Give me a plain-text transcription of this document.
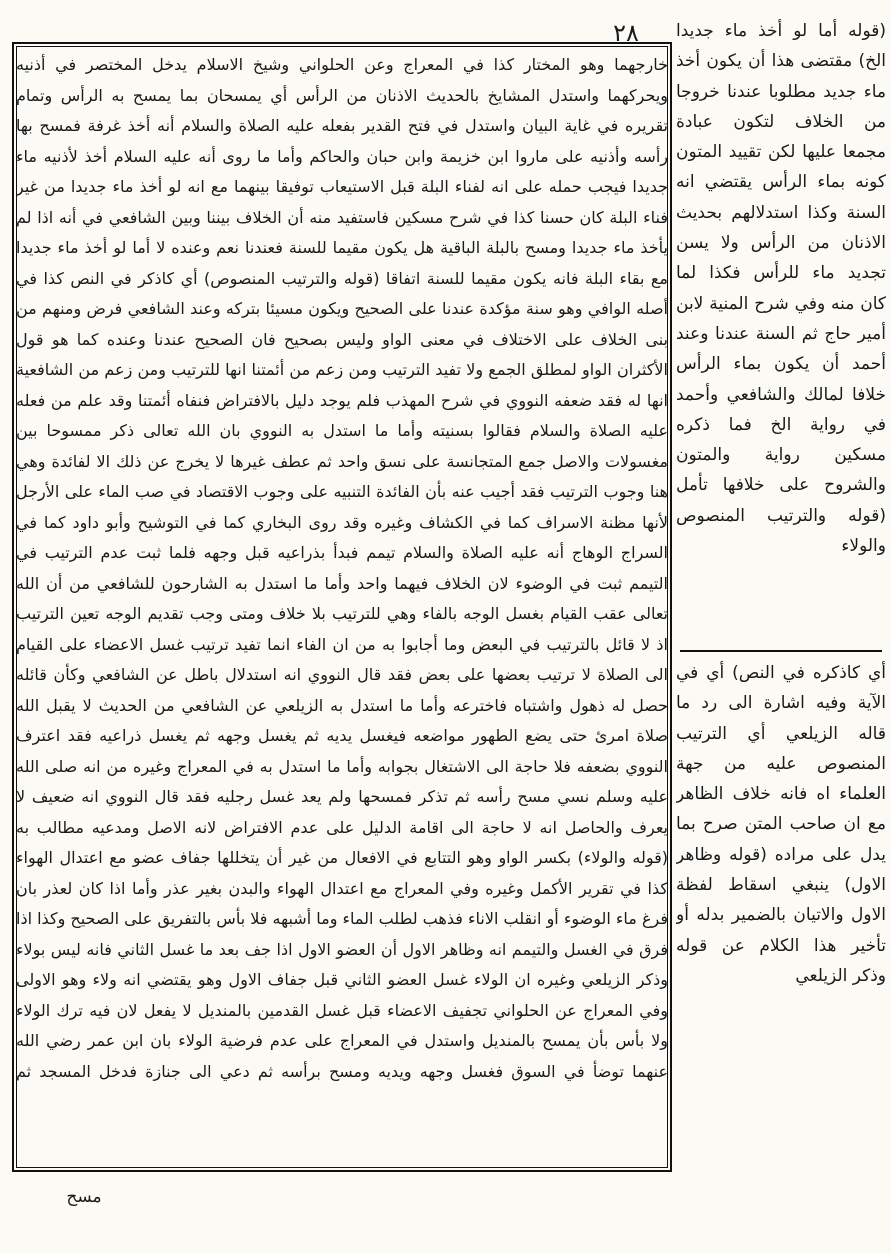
٢٨

خارجهما وهو المختار كذا في المعراج وعن الحلواني وشيخ الاسلام يدخل المختصر في أذنيه ويحركهما واستدل المشايخ بالحديث الاذنان من الرأس أي يمسحان بما يمسح به الرأس وتمام تقريره في غاية البيان واستدل في فتح القدير بفعله عليه الصلاة والسلام أنه أخذ غرفة فمسح بها رأسه وأذنيه على ماروا ابن خزيمة وابن حبان والحاكم وأما ما روى أنه عليه السلام أخذ لأذنيه ماء جديدا فيجب حمله على انه لفناء البلة قبل الاستيعاب توفيقا بينهما مع انه لو أخذ ماء جديدا من غير فناء البلة كان حسنا كذا في شرح مسكين فاستفيد منه أن الخلاف بيننا وبين الشافعي في أنه اذا لم يأخذ ماء جديدا ومسح بالبلة الباقية هل يكون مقيما للسنة فعندنا نعم وعنده لا أما لو أخذ ماء جديدا مع بقاء البلة فانه يكون مقيما للسنة اتفاقا (قوله والترتيب المنصوص) أي كاذكر في النص كذا في أصله الوافي وهو سنة مؤكدة عندنا على الصحيح ويكون مسيئا بتركه وعند الشافعي فرض ومنهم من بنى الخلاف على الاختلاف في معنى الواو وليس بصحيح فان الصحيح عندنا وعنده كما هو قول الأكثران الواو لمطلق الجمع ولا تفيد الترتيب ومن زعم من أئمتنا انها للترتيب ومن زعم من الشافعية انها له فقد ضعفه النووي في شرح المهذب فلم يوجد دليل بالافتراض فنفاه أئمتنا وقد علم من فعله عليه الصلاة والسلام فقالوا بسنيته وأما ما استدل به النووي بان الله تعالى ذكر ممسوحا بين مغسولات والاصل جمع المتجانسة على نسق واحد ثم عطف غيرها لا يخرج عن ذلك الا لفائدة وهي هنا وجوب الترتيب فقد أجيب عنه بأن الفائدة التنبيه على وجوب الاقتصاد في صب الماء على الأرجل لأنها مظنة الاسراف كما في الكشاف وغيره وقد روى البخاري كما في التوشيح وأبو داود كما في السراج الوهاج أنه عليه الصلاة والسلام تيمم فبدأ بذراعيه قبل وجهه فلما ثبت عدم الترتيب في التيمم ثبت في الوضوء لان الخلاف فيهما واحد وأما ما استدل به الشارحون للشافعي من أن الله تعالى عقب القيام بغسل الوجه بالفاء وهي للترتيب بلا خلاف ومتى وجب تقديم الوجه تعين الترتيب اذ لا قائل بالترتيب في البعض وما أجابوا به من ان الفاء انما تفيد ترتيب غسل الاعضاء على القيام الى الصلاة لا ترتيب بعضها على بعض فقد قال النووي انه استدلال باطل عن الشافعي وكأن قائله حصل له ذهول واشتباه فاخترعه وأما ما استدل به الزيلعي عن الشافعي من الحديث لا يقبل الله صلاة امرئ حتى يضع الطهور مواضعه فيغسل يديه ثم يغسل وجهه ثم يغسل ذراعيه فقد اعترف النووي بضعفه فلا حاجة الى الاشتغال بجوابه وأما ما استدل به في المعراج وغيره من انه صلى الله عليه وسلم نسي مسح رأسه ثم تذكر فمسحها ولم يعد غسل رجليه فقد قال النووي انه ضعيف لا يعرف والحاصل انه لا حاجة الى اقامة الدليل على عدم الافتراض لانه الاصل ومدعيه مطالب به (قوله والولاء) بكسر الواو وهو التتابع في الافعال من غير أن يتخللها جفاف عضو مع اعتدال الهواء كذا في تقرير الأكمل وغيره وفي المعراج مع اعتدال الهواء والبدن بغير عذر وأما اذا كان لعذر بان فرغ ماء الوضوء أو انقلب الاناء فذهب لطلب الماء وما أشبهه فلا بأس بالتفريق على الصحيح وكذا اذا فرق في الغسل والتيمم انه وظاهر الاول أن العضو الاول اذا جف بعد ما غسل الثاني فانه ليس بولاء وذكر الزيلعي وغيره ان الولاء غسل العضو الثاني قبل جفاف الاول وهو يقتضي انه ولاء وهو الاولى وفي المعراج عن الحلواني تجفيف الاعضاء قبل غسل القدمين بالمنديل لا يفعل لان فيه ترك الولاء ولا بأس بأن يمسح بالمنديل واستدل في المعراج على عدم فرضية الولاء بان ابن عمر رضي الله عنهما توضأ في السوق فغسل وجهه ويديه ومسح برأسه ثم دعي الى جنازة فدخل المسجد ثم

(قوله أما لو أخذ ماء جديدا الخ) مقتضى هذا أن يكون أخذ ماء جديد مطلوبا عندنا خروجا من الخلاف لتكون عبادة مجمعا عليها لكن تقييد المتون كونه بماء الرأس يقتضي انه السنة وكذا استدلالهم بحديث الاذنان من الرأس ولا يسن تجديد ماء للرأس فكذا لما كان منه وفي شرح المنية لابن أمير حاج ثم السنة عندنا وعند أحمد أن يكون بماء الرأس خلافا لمالك والشافعي وأحمد في رواية الخ فما ذكره مسكين رواية والمتون والشروح على خلافها تأمل (قوله والترتيب المنصوص والولاء

أي كاذكره في النص) أي في الآية وفيه اشارة الى رد ما قاله الزيلعي أي الترتيب المنصوص عليه من جهة العلماء اه فانه خلاف الظاهر مع ان صاحب المتن صرح بما يدل على مراده (قوله وظاهر الاول) ينبغي اسقاط لفظة الاول والاتيان بالضمير بدله أو تأخير هذا الكلام عن قوله وذكر الزيلعي

مسح
